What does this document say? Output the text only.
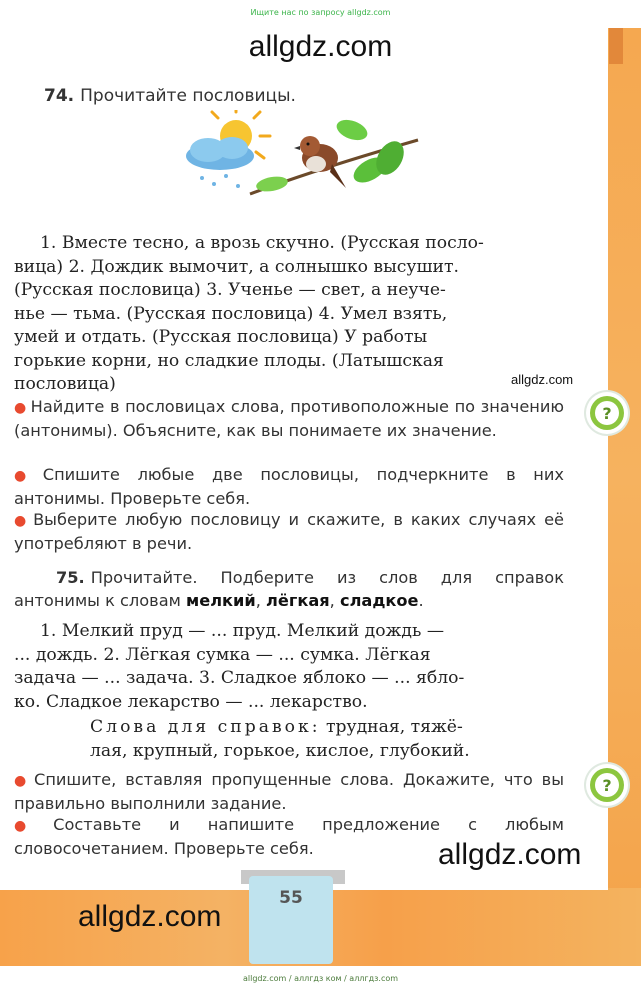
Ищите нас по запросу allgdz.com
allgdz.com
74. Прочитайте пословицы.
1. Вместе тесно, а врозь скучно. (Русская посло-
вица) 2. Дождик вымочит, а солнышко высушит.
(Русская пословица) 3. Ученье — свет, а неуче-
нье — тьма. (Русская пословица) 4. Умел взять,
умей и отдать. (Русская пословица) У работы
горькие корни, но сладкие плоды. (Латышская
пословица)	allgdz.com
● Найдите в пословицах слова, противоположные по значению (антонимы). Объясните, как вы понимаете их значение.
● Спишите любые две пословицы, подчеркните в них антонимы. Проверьте себя.
● Выберите любую пословицу и скажите, в каких случаях её употребляют в речи.
?
75. Прочитайте. Подберите из слов для справок антонимы к словам мелкий, лёгкая, сладкое.
1. Мелкий пруд — ... пруд. Мелкий дождь —
... дождь. 2. Лёгкая сумка — ... сумка. Лёгкая
задача — ... задача. 3. Сладкое яблоко — ... ябло-
ко. Сладкое лекарство — ... лекарство.
Слова для справок: трудная, тяжё-
лая, крупный, горькое, кислое, глубокий.
● Спишите, вставляя пропущенные слова. Докажите, что вы правильно выполнили задание.
● Составьте и напишите предложение с любым словосочетанием. Проверьте себя.
?
allgdz.com
55
allgdz.com
allgdz.com / аллгдз ком / аллгдз.com
